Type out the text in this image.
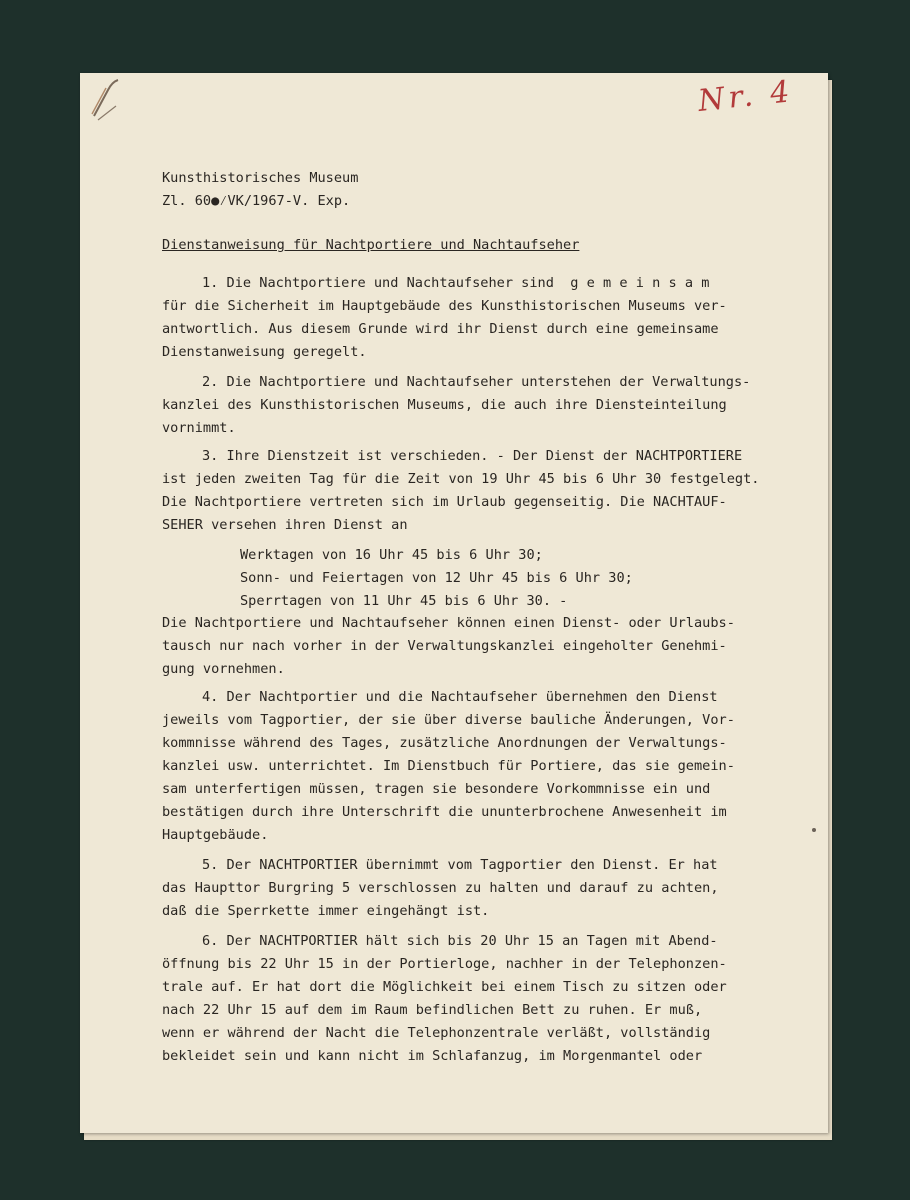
Nr. 4
Kunsthistorisches Museum
Zl. 60●⁄VK/1967-V. Exp.
Dienstanweisung für Nachtportiere und Nachtaufseher
1. Die Nachtportiere und Nachtaufseher sind  g e m e i n s a m
für die Sicherheit im Hauptgebäude des Kunsthistorischen Museums ver-
antwortlich. Aus diesem Grunde wird ihr Dienst durch eine gemeinsame
Dienstanweisung geregelt.
2. Die Nachtportiere und Nachtaufseher unterstehen der Verwaltungs-
kanzlei des Kunsthistorischen Museums, die auch ihre Diensteinteilung
vornimmt.
3. Ihre Dienstzeit ist verschieden. - Der Dienst der NACHTPORTIERE
ist jeden zweiten Tag für die Zeit von 19 Uhr 45 bis 6 Uhr 30 festgelegt.
Die Nachtportiere vertreten sich im Urlaub gegenseitig. Die NACHTAUF-
SEHER versehen ihren Dienst an
Werktagen von 16 Uhr 45 bis 6 Uhr 30;
Sonn- und Feiertagen von 12 Uhr 45 bis 6 Uhr 30;
Sperrtagen von 11 Uhr 45 bis 6 Uhr 30. -
Die Nachtportiere und Nachtaufseher können einen Dienst- oder Urlaubs-
tausch nur nach vorher in der Verwaltungskanzlei eingeholter Genehmi-
gung vornehmen.
4. Der Nachtportier und die Nachtaufseher übernehmen den Dienst
jeweils vom Tagportier, der sie über diverse bauliche Änderungen, Vor-
kommnisse während des Tages, zusätzliche Anordnungen der Verwaltungs-
kanzlei usw. unterrichtet. Im Dienstbuch für Portiere, das sie gemein-
sam unterfertigen müssen, tragen sie besondere Vorkommnisse ein und
bestätigen durch ihre Unterschrift die ununterbrochene Anwesenheit im
Hauptgebäude.
5. Der NACHTPORTIER übernimmt vom Tagportier den Dienst. Er hat
das Haupttor Burgring 5 verschlossen zu halten und darauf zu achten,
daß die Sperrkette immer eingehängt ist.
6. Der NACHTPORTIER hält sich bis 20 Uhr 15 an Tagen mit Abend-
öffnung bis 22 Uhr 15 in der Portierloge, nachher in der Telephonzen-
trale auf. Er hat dort die Möglichkeit bei einem Tisch zu sitzen oder
nach 22 Uhr 15 auf dem im Raum befindlichen Bett zu ruhen. Er muß,
wenn er während der Nacht die Telephonzentrale verläßt, vollständig
bekleidet sein und kann nicht im Schlafanzug, im Morgenmantel oder
